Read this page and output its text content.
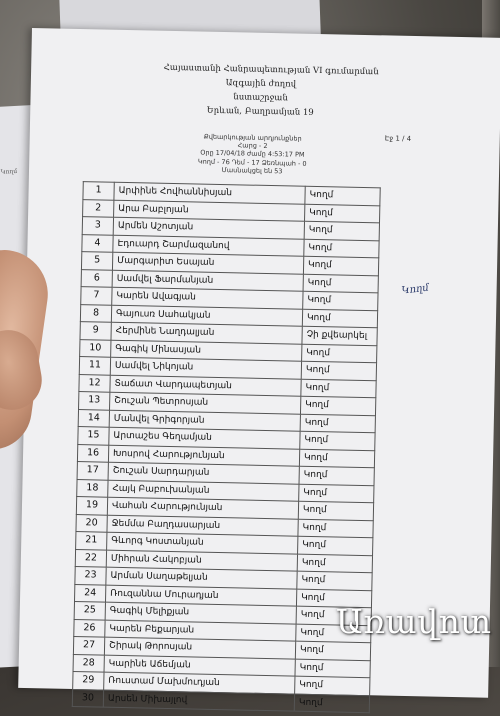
Կողմ
Հայաստանի Հանրապետության VI գումարման
Ազգային ժողով
նստաշրջան
Երևան, Բաղրամյան 19
Քվեարկության արդյունքներ
Հարց - 2
Օրը 17/04/18 ժամը 4:53:17 PM
Կողմ - 76 Դեմ - 17 Ձեռնպահ - 0
Մասնակցել են 53
Էջ 1 / 4
1	Արփինե Հովհաննիսյան	Կողմ
2	Արա Բաբլոյան	Կողմ
3	Արմեն Աշոտյան	Կողմ
4	Էդուարդ Շարմազանով	Կողմ
5	Մարգարիտ Եսայան	Կողմ
6	Սամվել Ֆարմանյան	Կողմ
7	Կարեն Ավագյան	Կողմ
8	Գայուսռ Սահակյան	Կողմ
9	Հերմինե Նաղդալյան	Չի քվեարկել
10	Գագիկ Մինասյան	Կողմ
11	Սամվել Նիկոյան	Կողմ
12	Տաճատ Վարդապետյան	Կողմ
13	Շուշան Պետրոսյան	Կողմ
14	Մանվել Գրիգորյան	Կողմ
15	Արտաշես Գեղամյան	Կողմ
16	Խոսրով Հարությունյան	Կողմ
17	Շուշան Սարդարյան	Կողմ
18	Հայկ Բաբուխանյան	Կողմ
19	Վահան Հարությունյան	Կողմ
20	Ջեմմա Բաղդասարյան	Կողմ
21	Գևորգ Կոստանյան	Կողմ
22	Միհրան Հակոբյան	Կողմ
23	Արման Սաղաթելյան	Կողմ
24	Ռուզաննա Մուրադյան	Կողմ
25	Գագիկ Մելիքյան	Կողմ
26	Կարեն Բեքարյան	Կողմ
27	Շիրակ Թորոսյան	Կողմ
28	Կարինե Աճեմյան	Կողմ
29	Ռուստամ Մախմուդյան	Կողմ
30	Արսեն Միխայլով	Կողմ
Կողմ
Առավոտ
